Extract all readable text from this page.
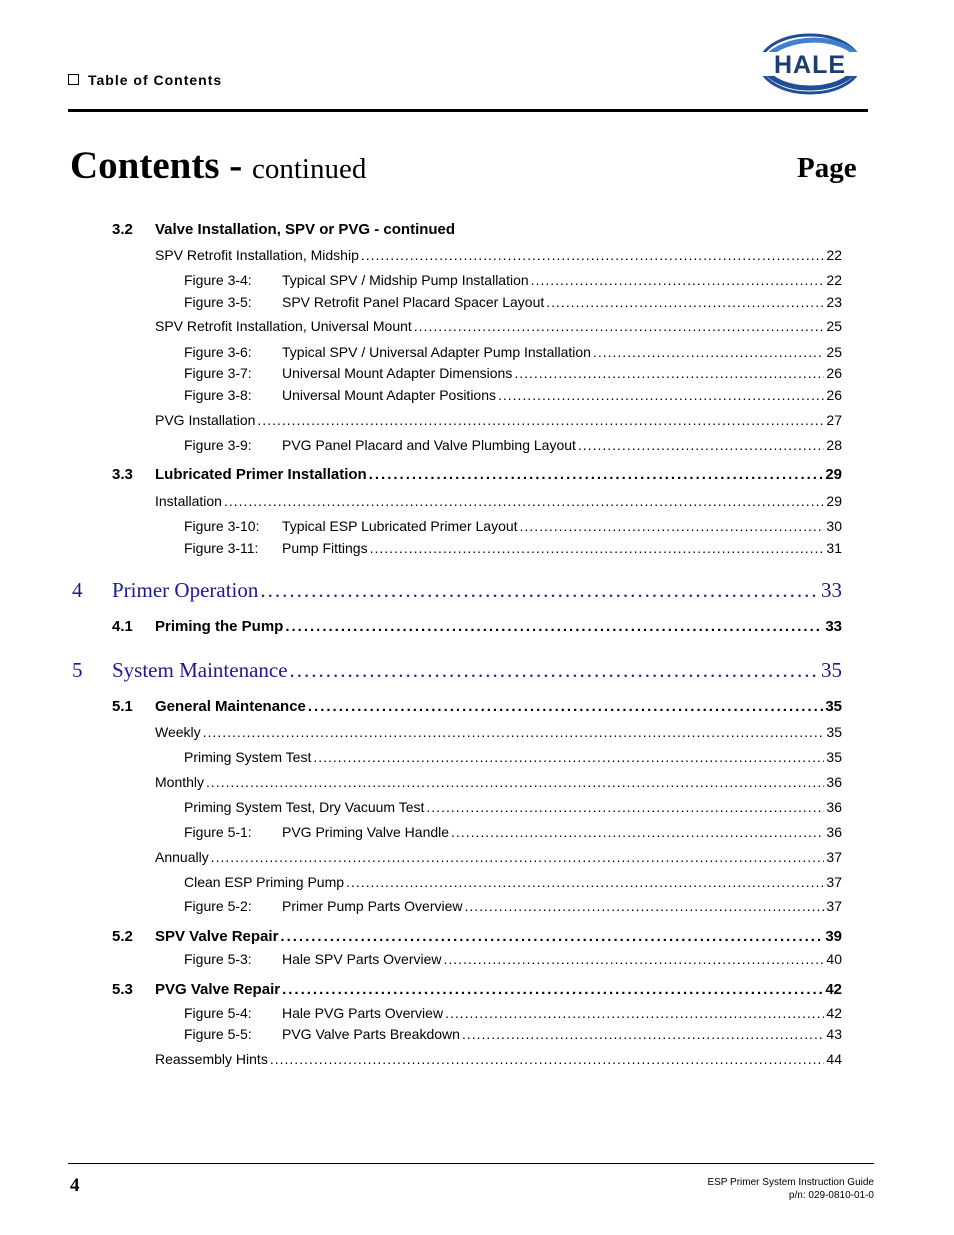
Table of Contents
HALE
Contents - continued	Page
3.2	Valve Installation, SPV or PVG - continued
SPV Retrofit Installation, Midship .....	22
Figure 3-4:	Typical SPV / Midship Pump Installation .....	22
Figure 3-5:	SPV Retrofit Panel Placard Spacer Layout .....	23
SPV Retrofit Installation, Universal Mount .....	25
Figure 3-6:	Typical SPV / Universal Adapter Pump Installation .....	25
Figure 3-7:	Universal Mount Adapter Dimensions .....	26
Figure 3-8:	Universal Mount Adapter Positions .....	26
PVG Installation .....	27
Figure 3-9:	PVG Panel Placard and Valve Plumbing Layout .....	28
3.3	Lubricated Primer Installation .....	29
Installation .....	29
Figure 3-10:	Typical ESP Lubricated Primer Layout .....	30
Figure 3-11:	Pump Fittings .....	31
4	Primer Operation .....	33
4.1	Priming the Pump .....	33
5	System Maintenance .....	35
5.1	General Maintenance .....	35
Weekly .....	35
Priming System Test .....	35
Monthly .....	36
Priming System Test, Dry Vacuum Test .....	36
Figure 5-1:	PVG Priming Valve Handle .....	36
Annually .....	37
Clean ESP Priming Pump .....	37
Figure 5-2:	Primer Pump Parts Overview .....	37
5.2	SPV Valve Repair .....	39
Figure 5-3:	Hale SPV Parts Overview .....	40
5.3	PVG Valve Repair .....	42
Figure 5-4:	Hale PVG Parts Overview .....	42
Figure 5-5:	PVG Valve Parts Breakdown .....	43
Reassembly Hints .....	44
4	ESP Primer System Instruction Guide
p/n: 029-0810-01-0
